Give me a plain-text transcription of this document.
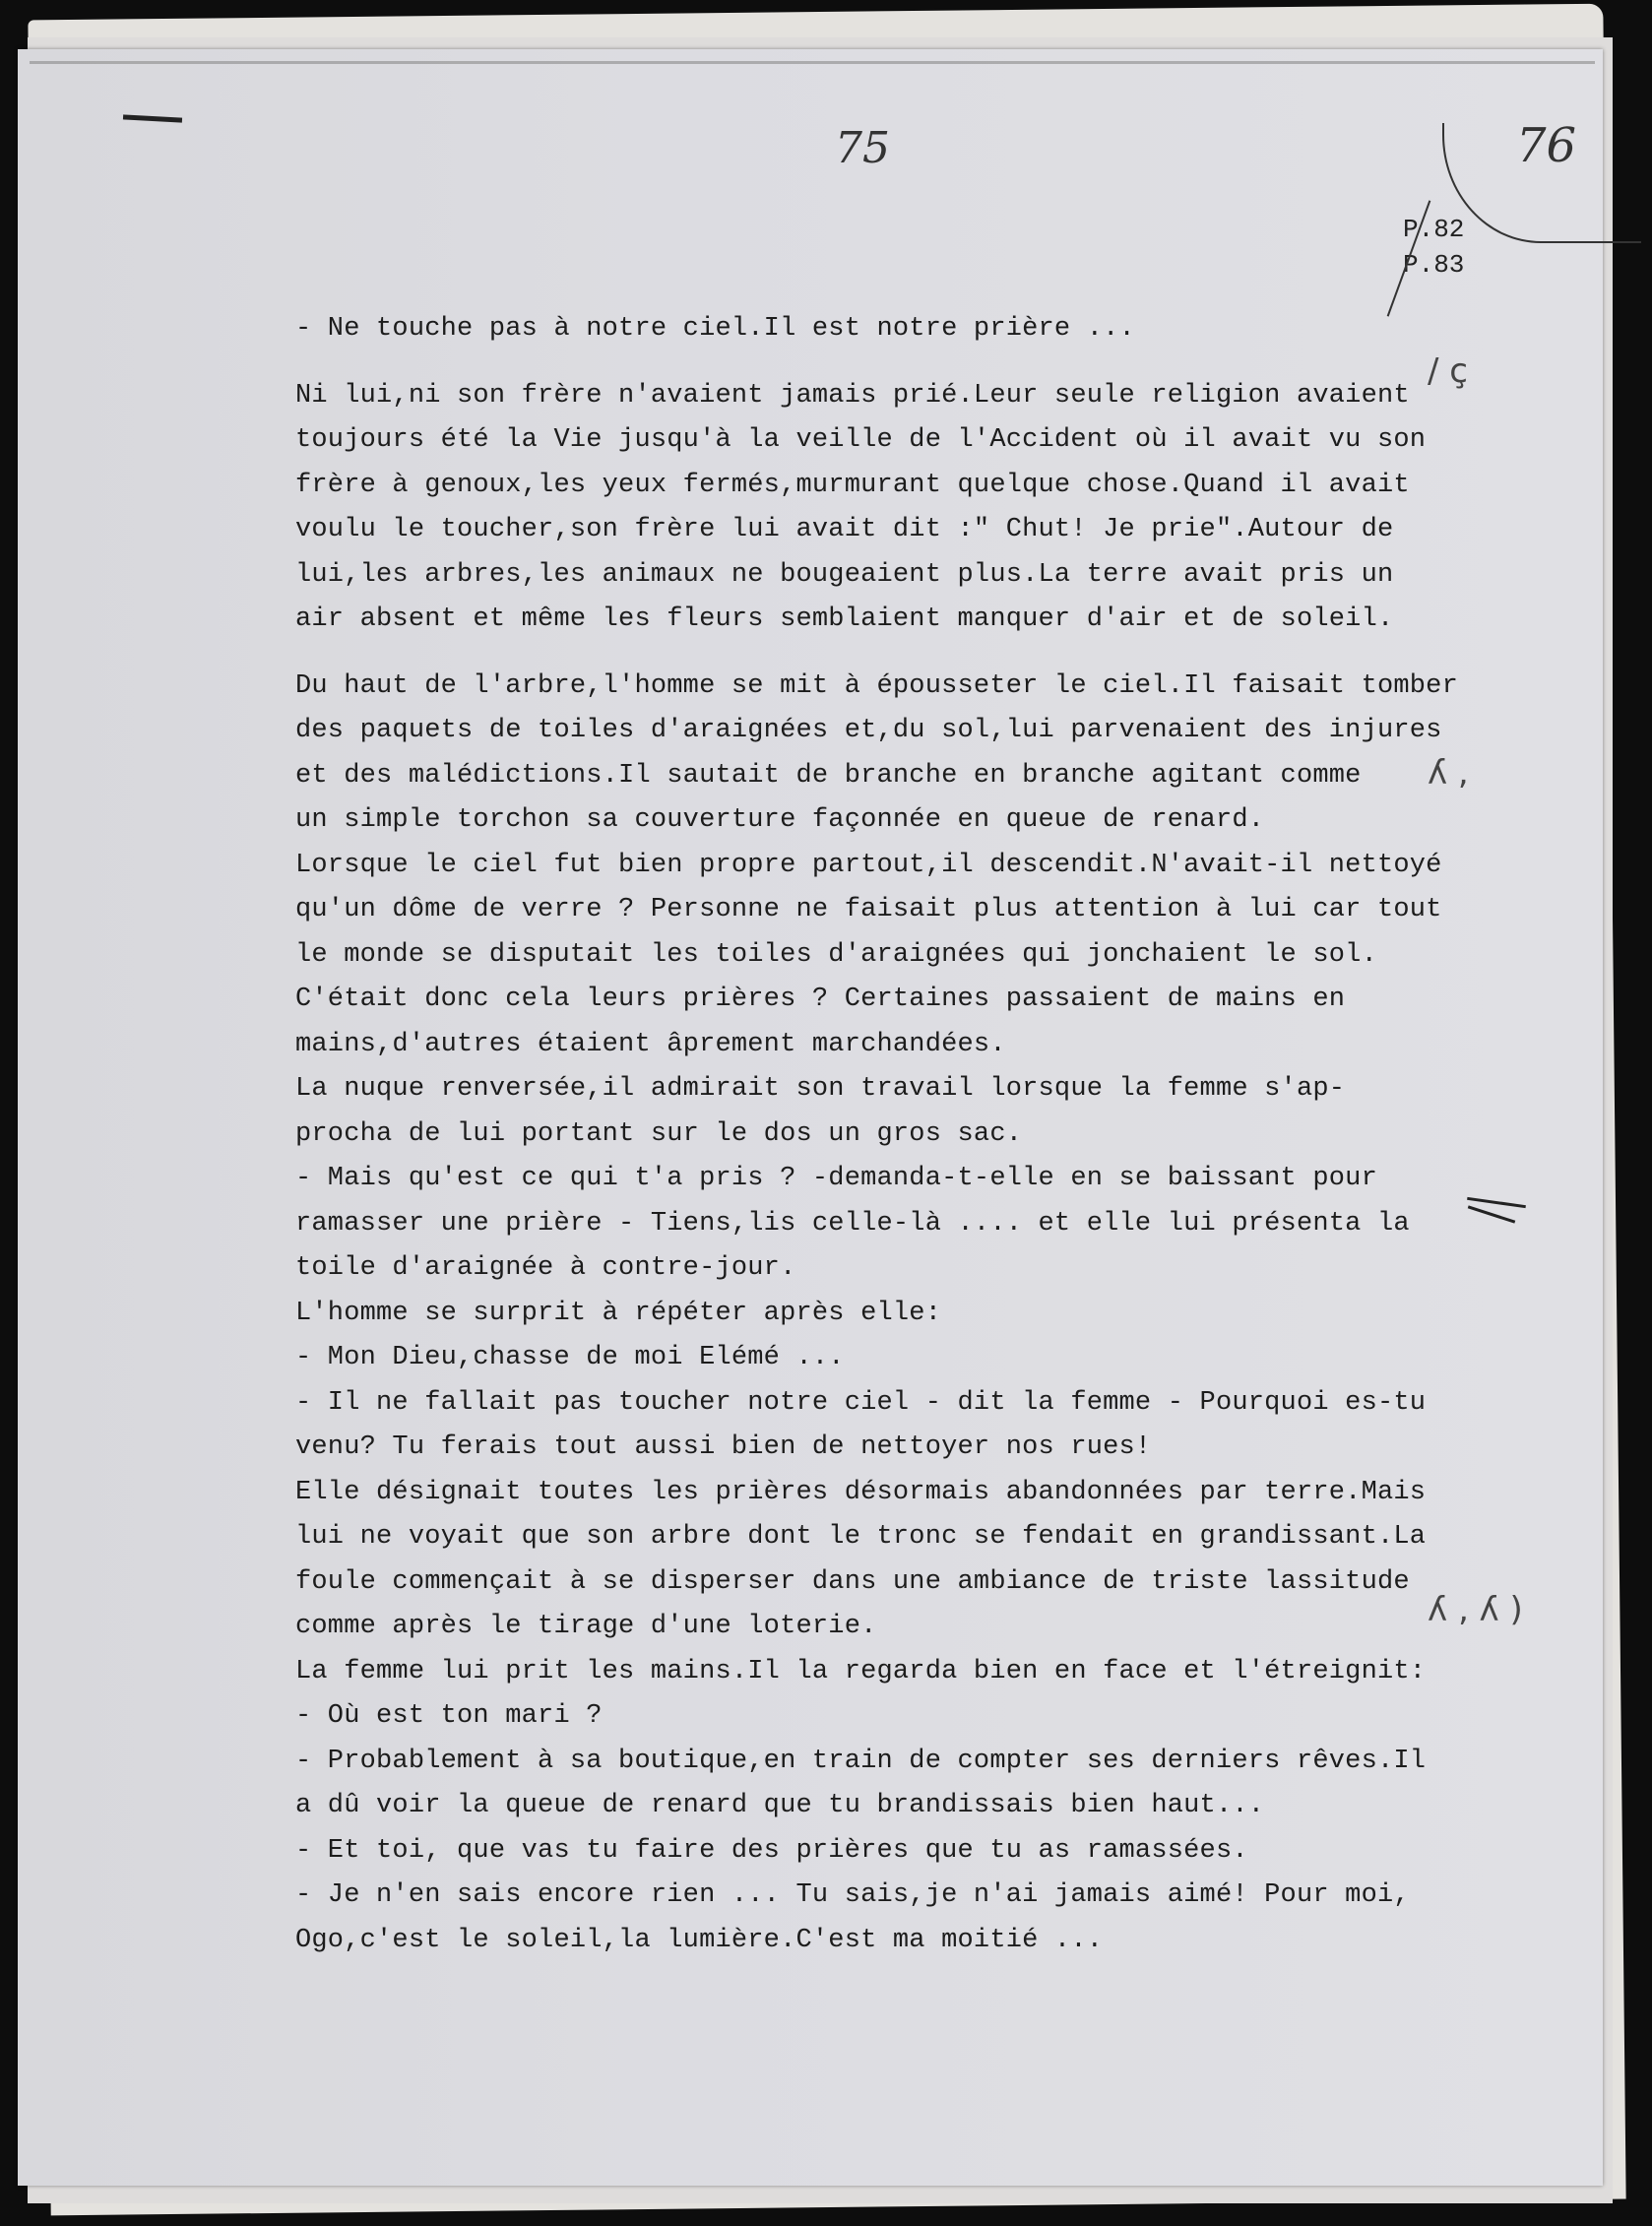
75	76
P.82
P.83
- Ne touche pas à notre ciel.Il est notre prière ...
Ni lui,ni son frère n'avaient jamais prié.Leur seule religion avaient
toujours été la Vie jusqu'à la veille de l'Accident où il avait vu son
frère à genoux,les yeux fermés,murmurant quelque chose.Quand il avait
voulu le toucher,son frère lui avait dit :" Chut! Je prie".Autour de
lui,les arbres,les animaux ne bougeaient plus.La terre avait pris un
air absent et même les fleurs semblaient manquer d'air et de soleil.
Du haut de l'arbre,l'homme se mit à épousseter le ciel.Il faisait tomber
des paquets de toiles d'araignées et,du sol,lui parvenaient des injures
et des malédictions.Il sautait de branche en branche agitant comme
un simple torchon sa couverture façonnée en queue de renard.
Lorsque le ciel fut bien propre partout,il descendit.N'avait-il nettoyé
qu'un dôme de verre ? Personne ne faisait plus attention à lui car tout
le monde se disputait les toiles d'araignées qui jonchaient le sol.
C'était donc cela leurs prières ? Certaines passaient de mains en
mains,d'autres étaient âprement marchandées.
La nuque renversée,il admirait son travail lorsque la femme s'ap-
procha de lui portant sur le dos un gros sac.
- Mais qu'est ce qui t'a pris ? -demanda-t-elle en se baissant pour
ramasser une prière - Tiens,lis celle-là .... et elle lui présenta la
toile d'araignée à contre-jour.
L'homme se surprit à répéter après elle:
- Mon Dieu,chasse de moi Elémé ...
- Il ne fallait pas toucher notre ciel - dit la femme - Pourquoi es-tu
venu? Tu ferais tout aussi bien de nettoyer nos rues!
Elle désignait toutes les prières désormais abandonnées par terre.Mais
lui ne voyait que son arbre dont le tronc se fendait en grandissant.La
foule commençait à se disperser dans une ambiance de triste lassitude
comme après le tirage d'une loterie.
La femme lui prit les mains.Il la regarda bien en face et l'étreignit:
- Où est ton mari ?
- Probablement à sa boutique,en train de compter ses derniers rêves.Il
a dû voir la queue de renard que tu brandissais bien haut...
- Et toi, que vas tu faire des prières que tu as ramassées.
- Je n'en sais encore rien ... Tu sais,je n'ai jamais aimé! Pour moi,
Ogo,c'est le soleil,la lumière.C'est ma moitié ...
/ ç
ʎ ,
ʎ ‚ ʎ )
